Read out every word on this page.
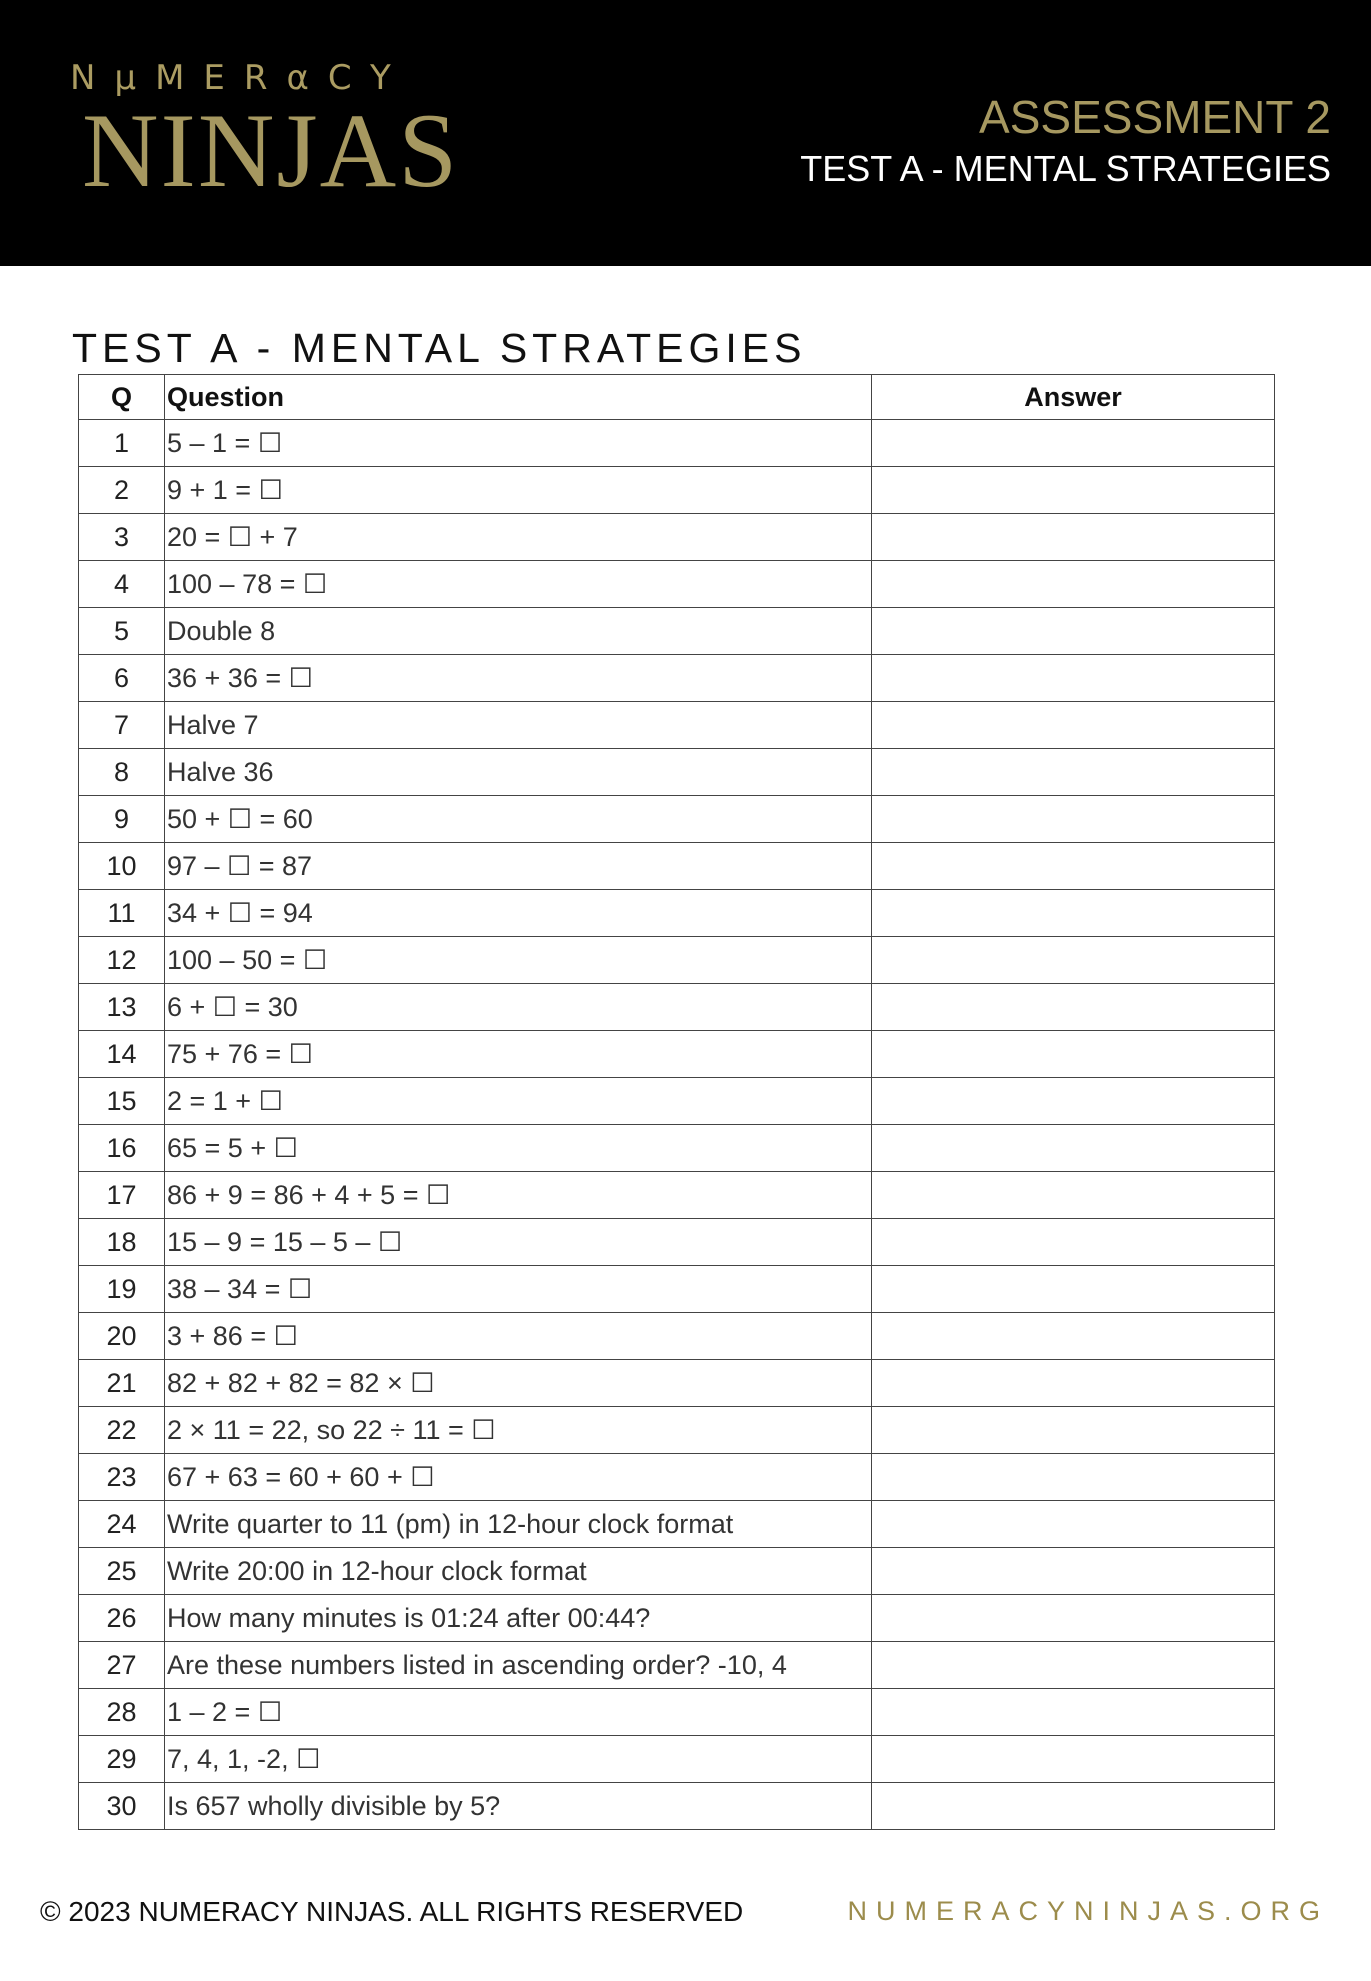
NμMERαCY
NINJAS	ASSESSMENT 2
TEST A - MENTAL STRATEGIES
TEST A - MENTAL STRATEGIES
Q	Question	Answer
1	5 – 1 = ☐	
2	9 + 1 = ☐	
3	20 = ☐ + 7	
4	100 – 78 = ☐	
5	Double 8	
6	36 + 36 = ☐	
7	Halve 7	
8	Halve 36	
9	50 + ☐ = 60	
10	97 – ☐ = 87	
11	34 + ☐ = 94	
12	100 – 50 = ☐	
13	6 + ☐ = 30	
14	75 + 76 = ☐	
15	2 = 1 + ☐	
16	65 = 5 + ☐	
17	86 + 9 = 86 + 4 + 5 = ☐	
18	15 – 9 = 15 – 5 – ☐	
19	38 – 34 = ☐	
20	3 + 86 = ☐	
21	82 + 82 + 82 = 82 × ☐	
22	2 × 11 = 22, so 22 ÷ 11 = ☐	
23	67 + 63 = 60 + 60 + ☐	
24	Write quarter to 11 (pm) in 12-hour clock format	
25	Write 20:00 in 12-hour clock format	
26	How many minutes is 01:24 after 00:44?	
27	Are these numbers listed in ascending order? -10, 4	
28	1 – 2 = ☐	
29	7, 4, 1, -2, ☐	
30	Is 657 wholly divisible by 5?	
© 2023 NUMERACY NINJAS. ALL RIGHTS RESERVED	NUMERACYNINJAS.ORG
